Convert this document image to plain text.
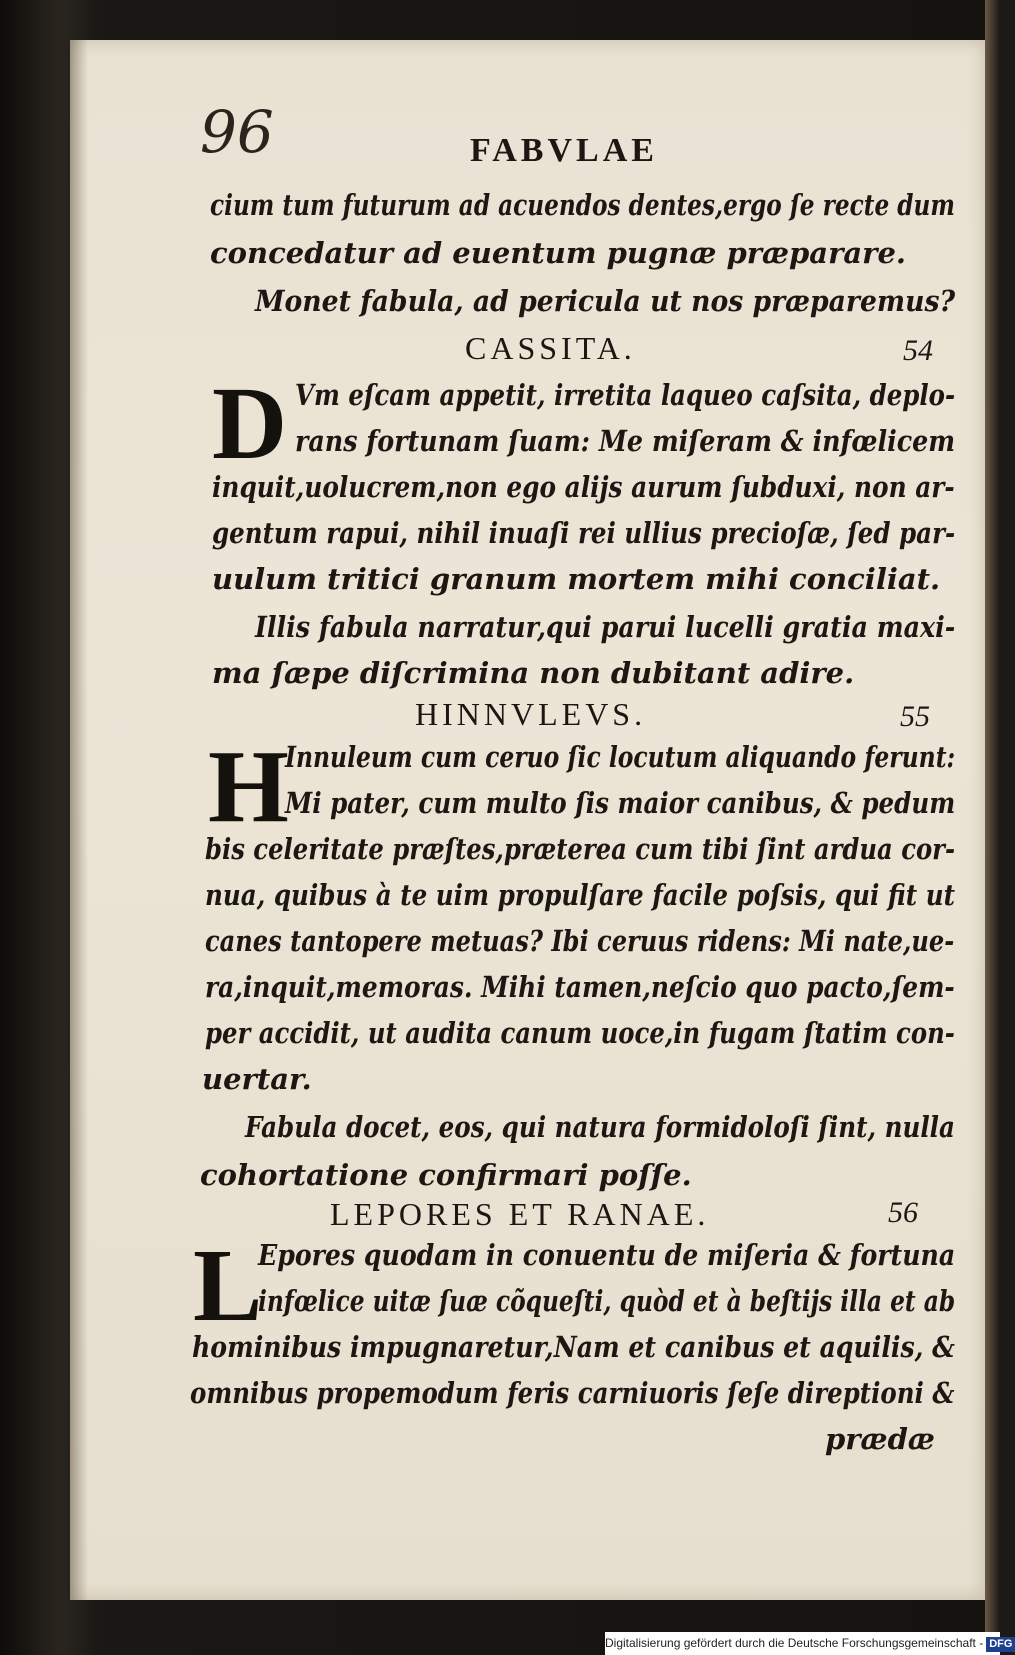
96	FABVLAE
cium tum futurum ad acuendos dentes,ergo ſe recte dum
concedatur ad euentum pugnæ præparare.
Monet fabula, ad pericula ut nos præparemus?
CASSITA.	54
D Vm eſcam appetit, irretita laqueo caſsita, deplo-
rans fortunam ſuam: Me miſeram & infœlicem
inquit,uolucrem,non ego alijs aurum ſubduxi, non ar-
gentum rapui, nihil inuaſi rei ullius precioſæ, ſed par-
uulum tritici granum mortem mihi conciliat.
Illis fabula narratur,qui parui lucelli gratia maxi-
ma ſæpe diſcrimina non dubitant adire.
HINNVLEVS.	55
H
Innuleum cum ceruo ſic locutum aliquando ferunt:
Mi pater, cum multo ſis maior canibus, & pedum
bis celeritate præſtes,præterea cum tibi ſint ardua cor-
nua, quibus à te uim propulſare facile poſsis, qui fit ut
canes tantopere metuas? Ibi ceruus ridens: Mi nate,ue-
ra,inquit,memoras. Mihi tamen,neſcio quo pacto,ſem-
per accidit, ut audita canum uoce,in fugam ſtatim con-
uertar.
Fabula docet, eos, qui natura formidoloſi ſint, nulla
cohortatione confirmari poſſe.
LEPORES ET RANAE.	56
L
Epores quodam in conuentu de miſeria & fortuna
infœlice uitæ ſuæ cõqueſti, quòd et à beſtijs illa et ab
hominibus impugnaretur,Nam et canibus et aquilis, &
omnibus propemodum feris carniuoris ſeſe direptioni &
prædæ
Digitalisierung gefördert durch die Deutsche Forschungsgemeinschaft - DFG
